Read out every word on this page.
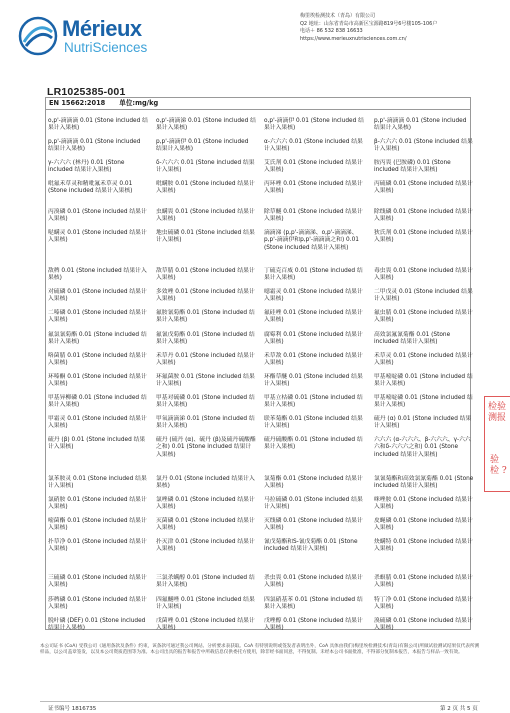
Mérieux
NutriSciences
梅里埃检测技术（青岛）有限公司
Q2 地址：山东省青岛市高新区宝源路819号6号楼105-106户
电话＋ 86 532 838 16633
https://www.merieuxnutrisciences.com.cn/
LR1025385-001
EN 15662:2018 单位:mg/kg
o,p'-滴滴滴 0.01 (Stone included 结果计入果核)
o,p'-滴滴涕 0.01 (Stone included 结果计入果核)
o,p'-滴滴伊 0.01 (Stone included 结果计入果核)
p,p'-滴滴滴 0.01 (Stone included 结果计入果核)
p,p'-滴滴滴 0.01 (Stone included 结果计入果核)
p,p'-滴滴伊 0.01 (Stone included 结果计入果核)
α-六六六 0.01 (Stone included 结果计入果核)
β-六六六 0.01 (Stone included 结果计入果核)
γ-六六六 (林丹) 0.01 (Stone included 结果计入果核)
δ-六六六 0.01 (Stone included 结果计入果核)
艾氏剂 0.01 (Stone included 结果计入果核)
胺丙畏 (巴胺磷) 0.01 (Stone included 结果计入果核)
吡氟禾草灵和精吡氟禾草灵 0.01 (Stone included 结果计入果核)
吡螨胺 0.01 (Stone included 结果计入果核)
丙环唑 0.01 (Stone included 结果计入果核)
丙硫磷 0.01 (Stone included 结果计入果核)
丙溴磷 0.01 (Stone included 结果计入果核)
虫螨畏 0.01 (Stone included 结果计入果核)
除草醚 0.01 (Stone included 结果计入果核)
除线磷 0.01 (Stone included 结果计入果核)
哒螨灵 0.01 (Stone included 结果计入果核)
地虫硫磷 0.01 (Stone included 结果计入果核)
滴滴涕 (p,p'-滴滴涕、o,p'-滴滴涕、p,p'-滴滴伊和p,p'-滴滴滴之和) 0.01 (Stone included 结果计入果核)
狄氏剂 0.01 (Stone included 结果计入果核)
敌稗 0.01 (Stone included 结果计入果核)
敌草腈 0.01 (Stone included 结果计入果核)
丁硫克百威 0.01 (Stone included 结果计入果核)
毒虫畏 0.01 (Stone included 结果计入果核)
对硫磷 0.01 (Stone included 结果计入果核)
多效唑 0.01 (Stone included 结果计入果核)
噁霜灵 0.01 (Stone included 结果计入果核)
二甲戊灵 0.01 (Stone included 结果计入果核)
二嗪磷 0.01 (Stone included 结果计入果核)
氟胺氰菊酯 0.01 (Stone included 结果计入果核)
氟硅唑 0.01 (Stone included 结果计入果核)
氟虫腈 0.01 (Stone included 结果计入果核)
氟氯氰菊酯 0.01 (Stone included 结果计入果核)
氟氰戊菊酯 0.01 (Stone included 结果计入果核)
腐霉利 0.01 (Stone included 结果计入果核)
高效氯氟氰菊酯 0.01 (Stone included 结果计入果核)
咯菌腈 0.01 (Stone included 结果计入果核)
禾草丹 0.01 (Stone included 结果计入果核)
禾草敌 0.01 (Stone included 结果计入果核)
禾草灵 0.01 (Stone included 结果计入果核)
环嗪酮 0.01 (Stone included 结果计入果核)
环氟菌胺 0.01 (Stone included 结果计入果核)
环酯草醚 0.01 (Stone included 结果计入果核)
甲基嘧啶磷 0.01 (Stone included 结果计入果核)
甲基异柳磷 0.01 (Stone included 结果计入果核)
甲基对硫磷 0.01 (Stone included 结果计入果核)
甲基立枯磷 0.01 (Stone included 结果计入果核)
甲基嘧啶磷 0.01 (Stone included 结果计入果核)
甲霜灵 0.01 (Stone included 结果计入果核)
甲氧滴滴涕 0.01 (Stone included 结果计入果核)
联苯菊酯 0.01 (Stone included 结果计入果核)
硫丹 (α) 0.01 (Stone included 结果计入果核)
硫丹 (β) 0.01 (Stone included 结果计入果核)
硫丹 (硫丹 (α)、硫丹 (β)及硫丹硫酸酯之和) 0.01 (Stone included 结果计入果核)
硫丹硫酸酯 0.01 (Stone included 结果计入果核)
六六六 (α-六六六、β-六六六、γ-六六六和δ-六六六之和) 0.01 (Stone included 结果计入果核)
氯苯胺灵 0.01 (Stone included 结果计入果核)
氯丹 0.01 (Stone included 结果计入果核)
氯菊酯 0.01 (Stone included 结果计入果核)
氯氰菊酯和高效氯氰菊酯 0.01 (Stone included 结果计入果核)
氯硝胺 0.01 (Stone included 结果计入果核)
氯唑磷 0.01 (Stone included 结果计入果核)
马拉硫磷 0.01 (Stone included 结果计入果核)
咪唑胺 0.01 (Stone included 结果计入果核)
嘧菌酯 0.01 (Stone included 结果计入果核)
灭菌磷 0.01 (Stone included 结果计入果核)
灭线磷 0.01 (Stone included 结果计入果核)
皮蝇磷 0.01 (Stone included 结果计入果核)
扑草净 0.01 (Stone included 结果计入果核)
扑灭津 0.01 (Stone included 结果计入果核)
氰戊菊酯和S-氰戊菊酯 0.01 (Stone included 结果计入果核)
炔螨特 0.01 (Stone included 结果计入果核)
三硫磷 0.01 (Stone included 结果计入果核)
三氯杀螨醇 0.01 (Stone included 结果计入果核)
杀虫畏 0.01 (Stone included 结果计入果核)
杀螟腈 0.01 (Stone included 结果计入果核)
莎稗磷 0.01 (Stone included 结果计入果核)
四氟醚唑 0.01 (Stone included 结果计入果核)
四氯硝基苯 0.01 (Stone included 结果计入果核)
特丁净 0.01 (Stone included 结果计入果核)
脱叶磷 (DEF) 0.01 (Stone included 结果计入果核)
戊菌唑 0.01 (Stone included 结果计入果核)
戊唑醇 0.01 (Stone included 结果计入果核)
溴硫磷 0.01 (Stone included 结果计入果核)
检验测报
验 检 ?
本公司证书 (CoA) 受我公司《通用条款及条件》约束，该条款可通过我公司网站、分析要求表获取。CoA 有特别说明或签发者表明出外，CoA 具体由我们(梅里埃检测技术(青岛)有限公司)所做试验测试结果仅代表所测样品，以公司盖章签发，以及本公司资质范围等为准。本公司出具的报告和报告中所载信息仅供委托方使用，除非经书面同意，不得复制。未经本公司书面批准，不得部分复制本报告，本报告与样品一致有效。
证书编号 1816735	第 2 页 共 5 页
